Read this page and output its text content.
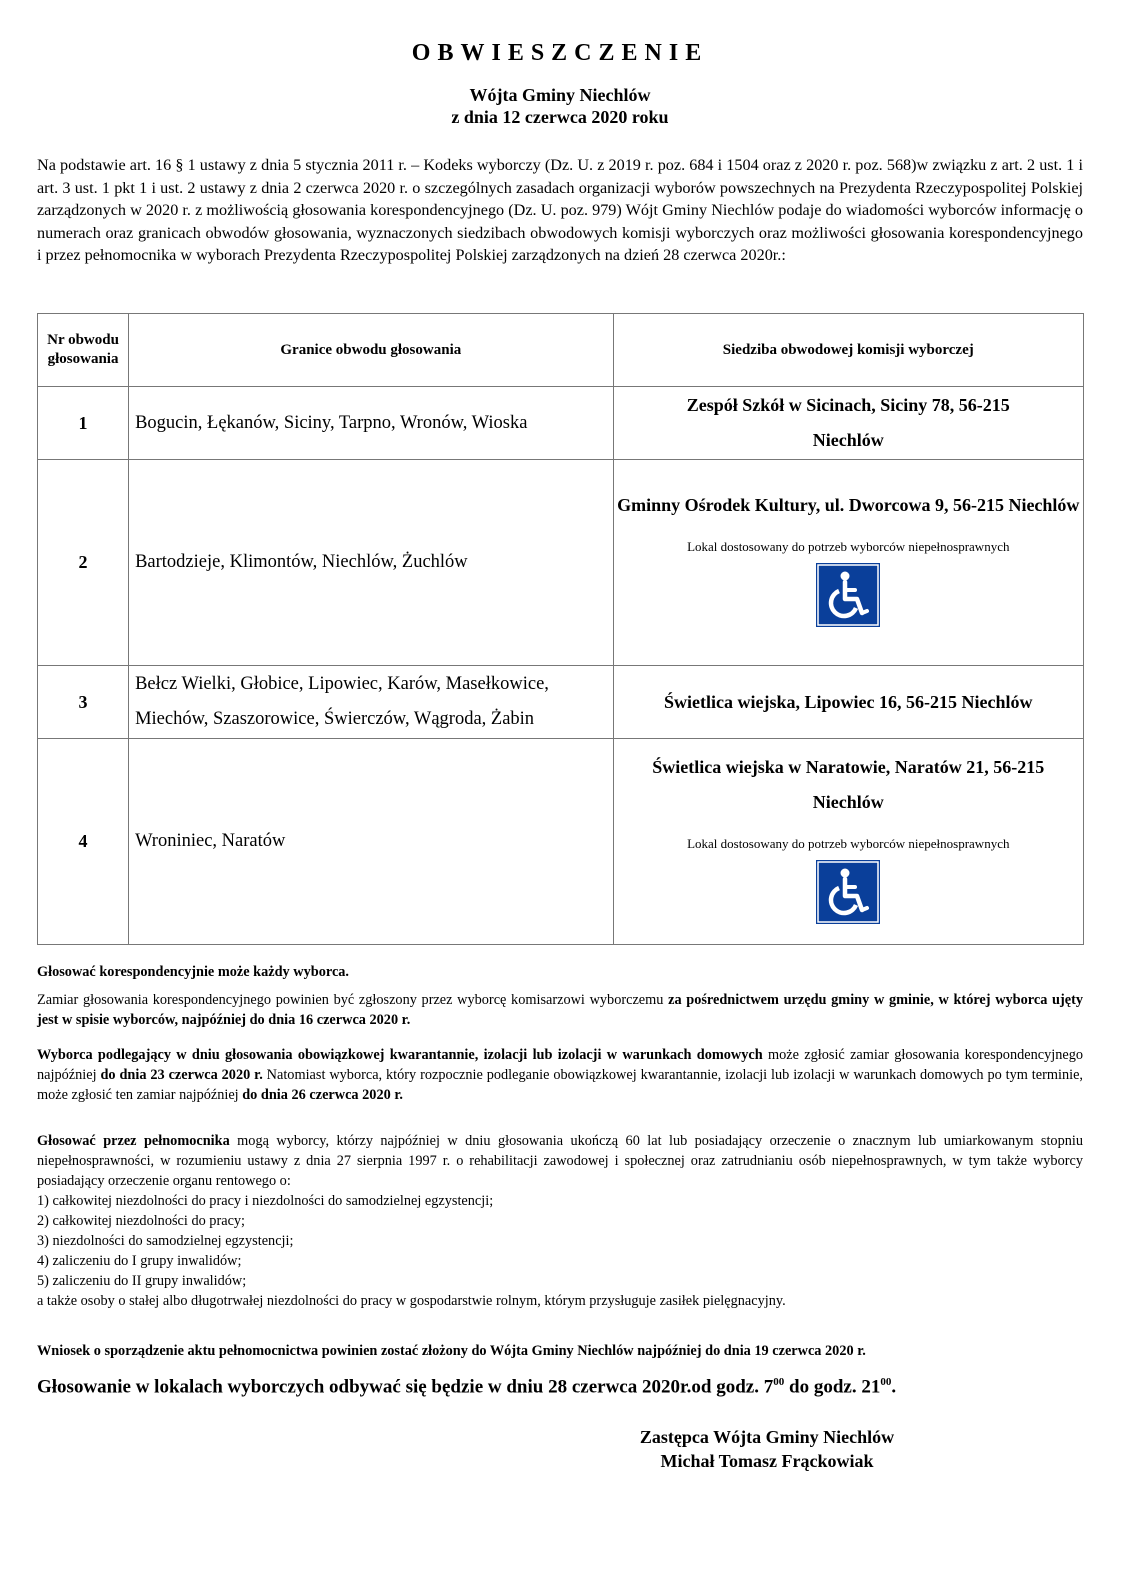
OBWIESZCZENIE
Wójta Gminy Niechlów
z dnia 12 czerwca 2020 roku
Na podstawie art. 16 § 1 ustawy z dnia 5 stycznia 2011 r. – Kodeks wyborczy (Dz. U. z 2019 r. poz. 684 i 1504 oraz z 2020 r. poz. 568)w związku z art. 2 ust. 1 i art. 3 ust. 1 pkt 1 i ust. 2 ustawy z dnia 2 czerwca 2020 r. o szczególnych zasadach organizacji wyborów powszechnych na Prezydenta Rzeczypospolitej Polskiej zarządzonych w 2020 r. z możliwością głosowania korespondencyjnego (Dz. U. poz. 979) Wójt Gminy Niechlów podaje do wiadomości wyborców informację o numerach oraz granicach obwodów głosowania, wyznaczonych siedzibach obwodowych komisji wyborczych oraz możliwości głosowania korespondencyjnego i przez pełnomocnika w wyborach Prezydenta Rzeczypospolitej Polskiej zarządzonych na dzień 28 czerwca 2020r.:
Nr obwodu
głosowania	Granice obwodu głosowania	Siedziba obwodowej komisji wyborczej
1	Bogucin, Łękanów, Siciny, Tarpno, Wronów, Wioska	Zespół Szkół w Sicinach, Siciny 78, 56-215 Niechlów

2	Bartodzieje, Klimontów, Niechlów, Żuchlów	Gminny Ośrodek Kultury, ul. Dworcowa 9, 56-215 Niechlów
Lokal dostosowany do potrzeb wyborców niepełnosprawnych

3	Bełcz Wielki, Głobice, Lipowiec, Karów, Masełkowice, Miechów, Szaszorowice, Świerczów, Wągroda, Żabin	Świetlica wiejska, Lipowiec 16, 56-215 Niechlów

4	Wroniniec, Naratów	Świetlica wiejska w Naratowie, Naratów 21, 56-215 Niechlów
Lokal dostosowany do potrzeb wyborców niepełnosprawnych
Głosować korespondencyjnie może każdy wyborca.
Zamiar głosowania korespondencyjnego powinien być zgłoszony przez wyborcę komisarzowi wyborczemu za pośrednictwem urzędu gminy w gminie, w której wyborca ujęty jest w spisie wyborców, najpóźniej do dnia 16 czerwca 2020 r.
Wyborca podlegający w dniu głosowania obowiązkowej kwarantannie, izolacji lub izolacji w warunkach domowych może zgłosić zamiar głosowania korespondencyjnego najpóźniej do dnia 23 czerwca 2020 r. Natomiast wyborca, który rozpocznie podleganie obowiązkowej kwarantannie, izolacji lub izolacji w warunkach domowych po tym terminie, może zgłosić ten zamiar najpóźniej do dnia 26 czerwca 2020 r.
Głosować przez pełnomocnika mogą wyborcy, którzy najpóźniej w dniu głosowania ukończą 60 lat lub posiadający orzeczenie o znacznym lub umiarkowanym stopniu niepełnosprawności, w rozumieniu ustawy z dnia 27 sierpnia 1997 r. o rehabilitacji zawodowej i społecznej oraz zatrudnianiu osób niepełnosprawnych, w tym także wyborcy posiadający orzeczenie organu rentowego o:
1) całkowitej niezdolności do pracy i niezdolności do samodzielnej egzystencji;
2) całkowitej niezdolności do pracy;
3) niezdolności do samodzielnej egzystencji;
4) zaliczeniu do I grupy inwalidów;
5) zaliczeniu do II grupy inwalidów;
a także osoby o stałej albo długotrwałej niezdolności do pracy w gospodarstwie rolnym, którym przysługuje zasiłek pielęgnacyjny.
Wniosek o sporządzenie aktu pełnomocnictwa powinien zostać złożony do Wójta Gminy Niechlów najpóźniej do dnia 19 czerwca 2020 r.
Głosowanie w lokalach wyborczych odbywać się będzie w dniu 28 czerwca 2020r.od godz. $7^{00}$ do godz. $21^{00}$.
Zastępca Wójta Gminy Niechlów
Michał Tomasz Frąckowiak
